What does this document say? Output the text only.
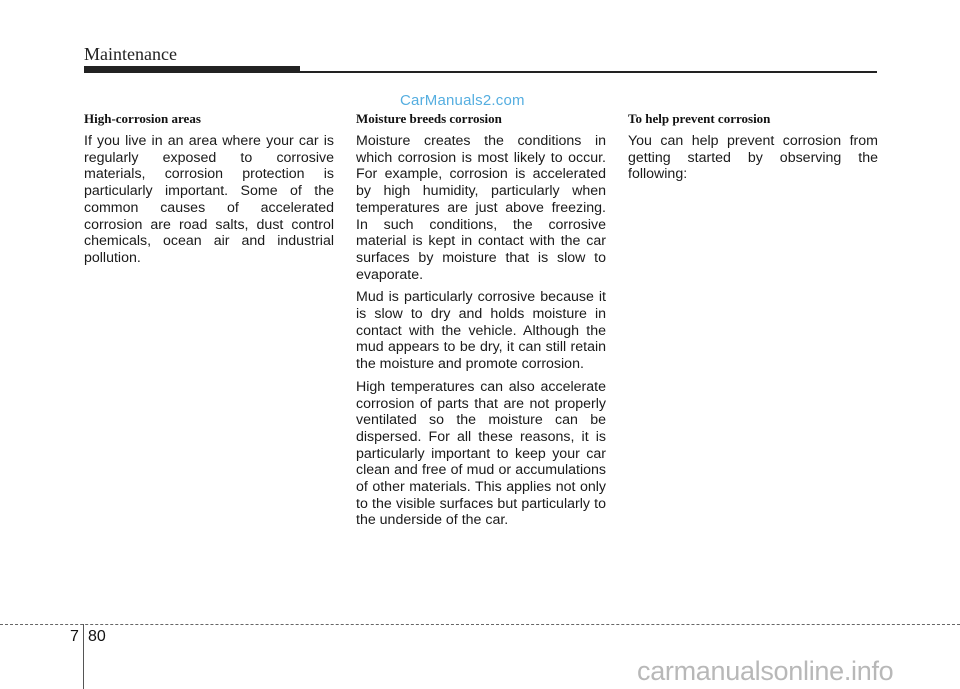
Maintenance
CarManuals2.com
High-corrosion areas

If you live in an area where your car is regularly exposed to corrosive materials, corrosion protection is particularly important. Some of the common causes of accelerated corrosion are road salts, dust control chemicals, ocean air and industrial pollution.

Moisture breeds corrosion

Moisture creates the conditions in which corrosion is most likely to occur. For example, corrosion is accelerated by high humidity, particularly when temperatures are just above freezing. In such conditions, the corrosive material is kept in contact with the car surfaces by moisture that is slow to evaporate.

Mud is particularly corrosive because it is slow to dry and holds moisture in contact with the vehicle. Although the mud appears to be dry, it can still retain the moisture and promote corrosion.

High temperatures can also accelerate corrosion of parts that are not properly ventilated so the moisture can be dispersed. For all these reasons, it is particularly important to keep your car clean and free of mud or accumulations of other materials. This applies not only to the visible surfaces but particularly to the underside of the car.

To help prevent corrosion

You can help prevent corrosion from getting started by observing the following:

7 80
carmanualsonline.info
